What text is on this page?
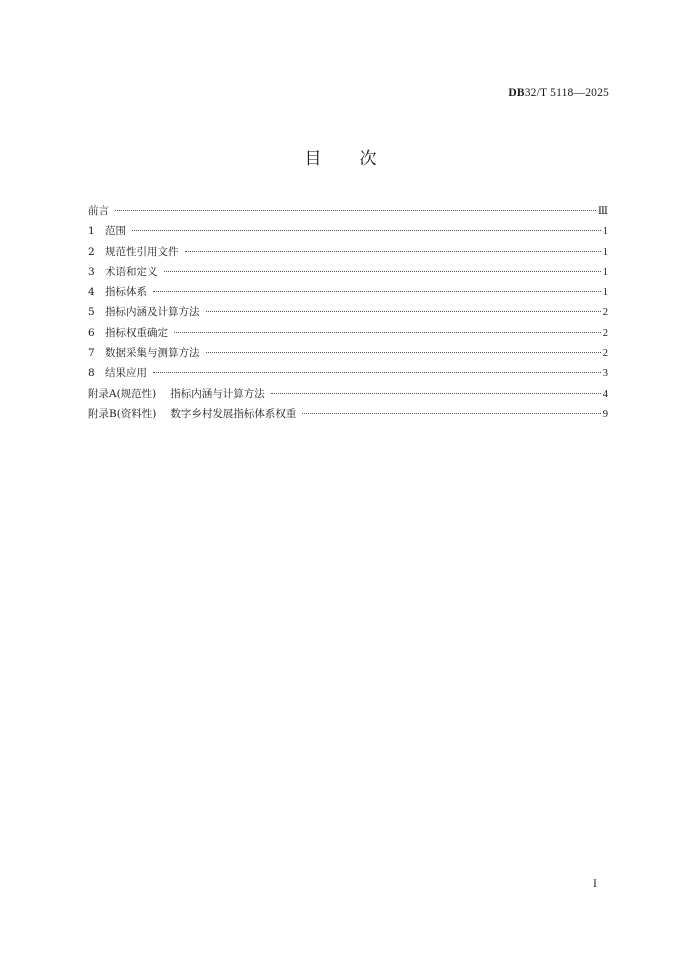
DB32/T 5118—2025
目次
前言	Ⅲ
1 范围	1
2 规范性引用文件	1
3 术语和定义	1
4 指标体系	1
5 指标内涵及计算方法	2
6 指标权重确定	2
7 数据采集与测算方法	2
8 结果应用	3
附录A(规范性) 指标内涵与计算方法	4
附录B(资料性) 数字乡村发展指标体系权重	9
Ⅰ
